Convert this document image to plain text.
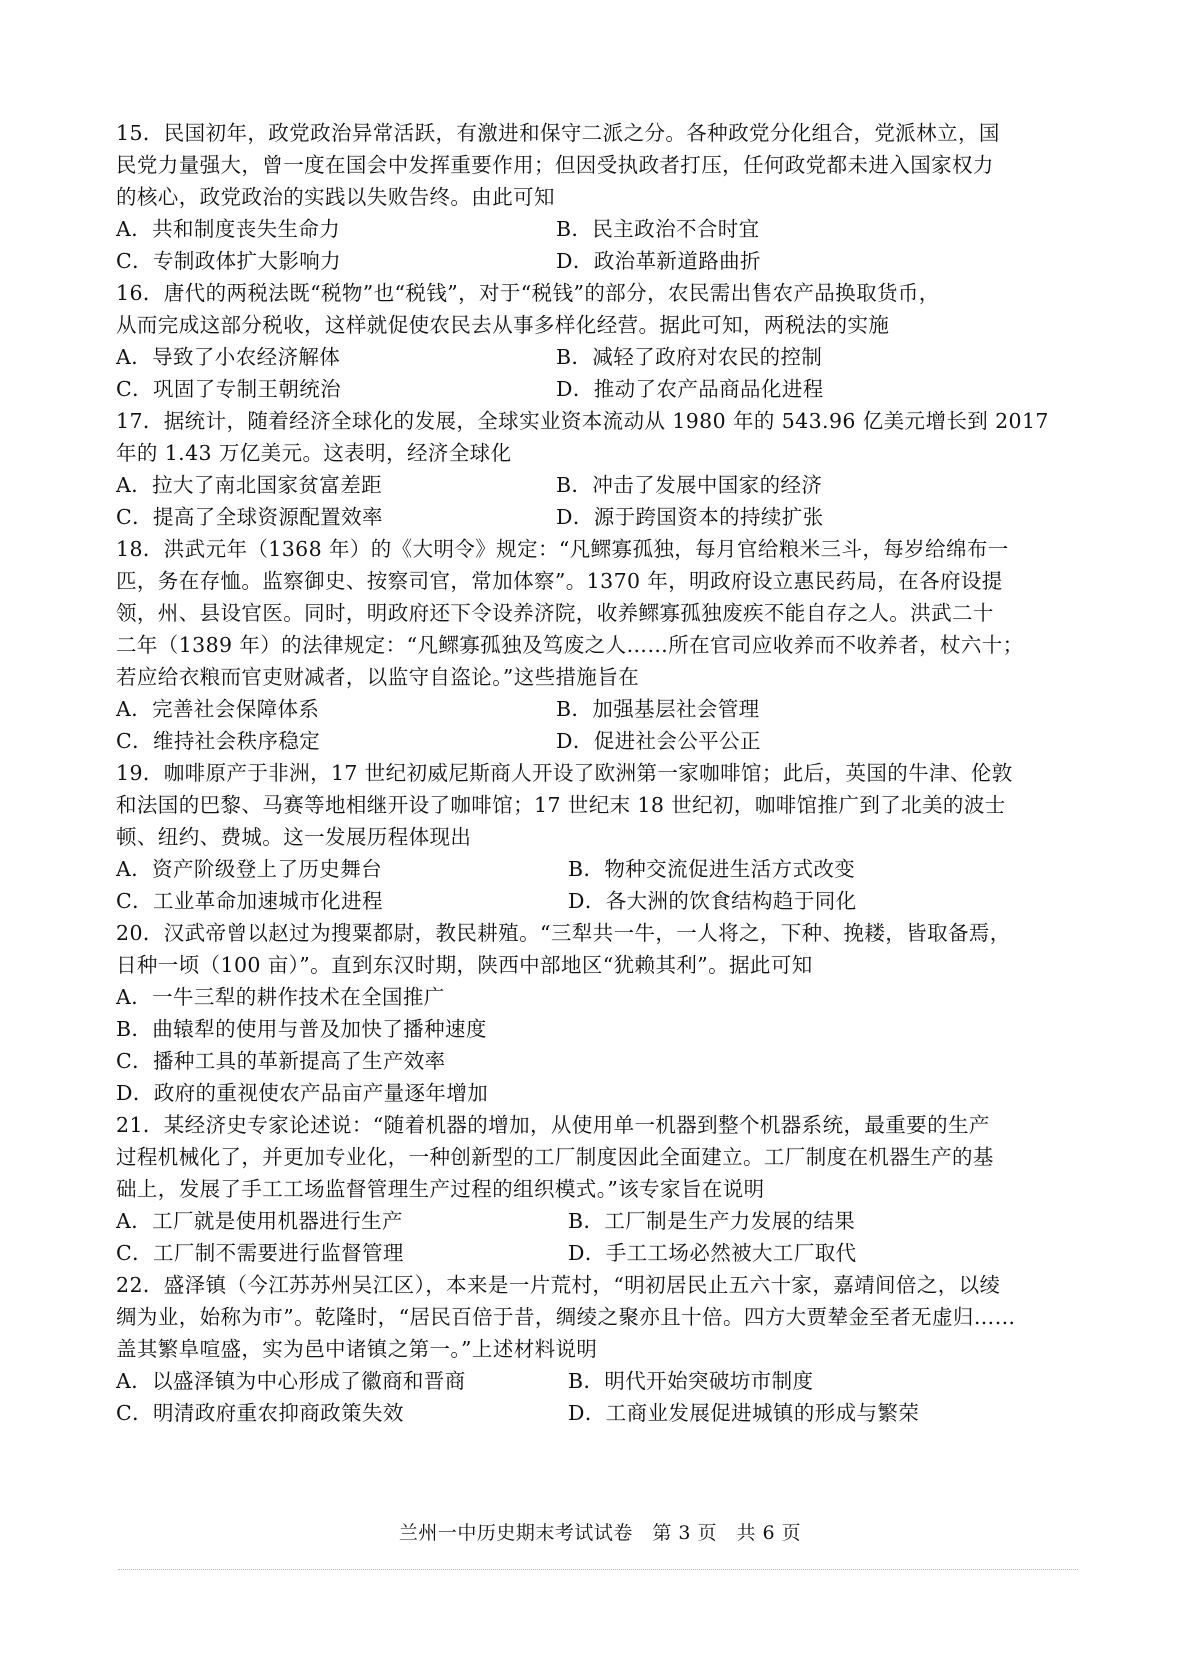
15．民国初年，政党政治异常活跃，有激进和保守二派之分。各种政党分化组合，党派林立，国
民党力量强大，曾一度在国会中发挥重要作用；但因受执政者打压，任何政党都未进入国家权力
的核心，政党政治的实践以失败告终。由此可知
A．共和制度丧失生命力	B．民主政治不合时宜
C．专制政体扩大影响力	D．政治革新道路曲折
16．唐代的两税法既“税物”也“税钱”，对于“税钱”的部分，农民需出售农产品换取货币，
从而完成这部分税收，这样就促使农民去从事多样化经营。据此可知，两税法的实施
A．导致了小农经济解体	B．减轻了政府对农民的控制
C．巩固了专制王朝统治	D．推动了农产品商品化进程
17．据统计，随着经济全球化的发展，全球实业资本流动从 1980 年的 543.96 亿美元增长到 2017
年的 1.43 万亿美元。这表明，经济全球化
A．拉大了南北国家贫富差距	B．冲击了发展中国家的经济
C．提高了全球资源配置效率	D．源于跨国资本的持续扩张
18．洪武元年（1368 年）的《大明令》规定：“凡鳏寡孤独，每月官给粮米三斗，每岁给绵布一
匹，务在存恤。监察御史、按察司官，常加体察”。1370 年，明政府设立惠民药局，在各府设提
领，州、县设官医。同时，明政府还下令设养济院，收养鳏寡孤独废疾不能自存之人。洪武二十
二年（1389 年）的法律规定：“凡鳏寡孤独及笃废之人……所在官司应收养而不收养者，杖六十；
若应给衣粮而官吏财减者，以监守自盗论。”这些措施旨在
A．完善社会保障体系	B．加强基层社会管理
C．维持社会秩序稳定	D．促进社会公平公正
19．咖啡原产于非洲，17 世纪初威尼斯商人开设了欧洲第一家咖啡馆；此后，英国的牛津、伦敦
和法国的巴黎、马赛等地相继开设了咖啡馆；17 世纪末 18 世纪初，咖啡馆推广到了北美的波士
顿、纽约、费城。这一发展历程体现出
A．资产阶级登上了历史舞台	B．物种交流促进生活方式改变
C．工业革命加速城市化进程	D．各大洲的饮食结构趋于同化
20．汉武帝曾以赵过为搜粟都尉，教民耕殖。“三犁共一牛，一人将之，下种、挽耧，皆取备焉，
日种一顷（100 亩）”。直到东汉时期，陕西中部地区“犹赖其利”。据此可知
A．一牛三犁的耕作技术在全国推广
B．曲辕犁的使用与普及加快了播种速度
C．播种工具的革新提高了生产效率
D．政府的重视使农产品亩产量逐年增加
21．某经济史专家论述说：“随着机器的增加，从使用单一机器到整个机器系统，最重要的生产
过程机械化了，并更加专业化，一种创新型的工厂制度因此全面建立。工厂制度在机器生产的基
础上，发展了手工工场监督管理生产过程的组织模式。”该专家旨在说明
A．工厂就是使用机器进行生产	B．工厂制是生产力发展的结果
C．工厂制不需要进行监督管理	D．手工工场必然被大工厂取代
22．盛泽镇（今江苏苏州吴江区），本来是一片荒村，“明初居民止五六十家，嘉靖间倍之，以绫
绸为业，始称为市”。乾隆时，“居民百倍于昔，绸绫之聚亦且十倍。四方大贾辇金至者无虚归……
盖其繁阜喧盛，实为邑中诸镇之第一。”上述材料说明
A．以盛泽镇为中心形成了徽商和晋商	B．明代开始突破坊市制度
C．明清政府重农抑商政策失效	D．工商业发展促进城镇的形成与繁荣
兰州一中历史期末考试试卷　第 3 页　共 6 页
